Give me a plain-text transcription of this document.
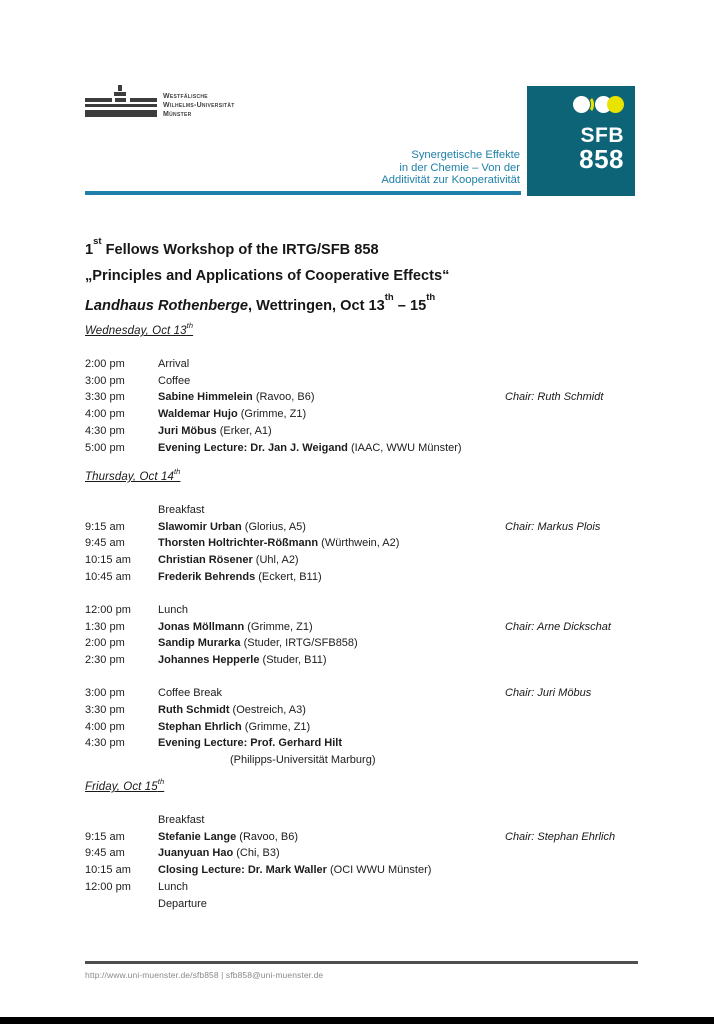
Westfälische
Wilhelms-Universität
Münster
SFB
858
Synergetische Effekte
in der Chemie – Von der
Additivität zur Kooperativität
1st Fellows Workshop of the IRTG/SFB 858
„Principles and Applications of Cooperative Effects“
Landhaus Rothenberge, Wettringen, Oct 13th – 15th
Wednesday, Oct 13th
2:00 pm	Arrival
3:00 pm	Coffee
3:30 pm	Sabine Himmelein (Ravoo, B6)	Chair: Ruth Schmidt
4:00 pm	Waldemar Hujo (Grimme, Z1)
4:30 pm	Juri Möbus (Erker, A1)
5:00 pm	Evening Lecture: Dr. Jan J. Weigand (IAAC, WWU Münster)
Thursday, Oct 14th
Breakfast
9:15 am	Slawomir Urban (Glorius, A5)	Chair: Markus Plois
9:45 am	Thorsten Holtrichter-Rößmann (Würthwein, A2)
10:15 am	Christian Rösener (Uhl, A2)
10:45 am	Frederik Behrends (Eckert, B11)
12:00 pm	Lunch
1:30 pm	Jonas Möllmann (Grimme, Z1)	Chair: Arne Dickschat
2:00 pm	Sandip Murarka (Studer, IRTG/SFB858)
2:30 pm	Johannes Hepperle (Studer, B11)
3:00 pm	Coffee Break	Chair: Juri Möbus
3:30 pm	Ruth Schmidt (Oestreich, A3)
4:00 pm	Stephan Ehrlich (Grimme, Z1)
4:30 pm	Evening Lecture: Prof. Gerhard Hilt
(Philipps-Universität Marburg)
Friday, Oct 15th
Breakfast
9:15 am	Stefanie Lange (Ravoo, B6)	Chair: Stephan Ehrlich
9:45 am	Juanyuan Hao (Chi, B3)
10:15 am	Closing Lecture: Dr. Mark Waller (OCI WWU Münster)
12:00 pm	Lunch
Departure
http://www.uni-muenster.de/sfb858 | sfb858@uni-muenster.de
